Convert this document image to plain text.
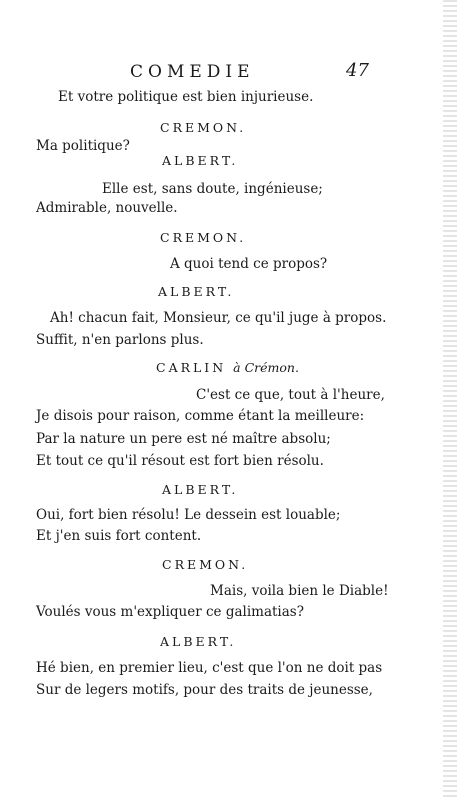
COMEDIE	47
Et votre politique est bien injurieuse.
CREMON.
Ma politique?
ALBERT.
Elle est, sans doute, ingénieuse;
Admirable, nouvelle.
CREMON.
A quoi tend ce propos?
ALBERT.
Ah! chacun fait, Monsieur, ce qu'il juge à propos.
Suffit, n'en parlons plus.
CARLIN à Crémon.
C'est ce que, tout à l'heure,
Je disois pour raison, comme étant la meilleure:
Par la nature un pere est né maître absolu;
Et tout ce qu'il résout est fort bien résolu.
ALBERT.
Oui, fort bien résolu! Le dessein est louable;
Et j'en suis fort content.
CREMON.
Mais, voila bien le Diable!
Voulés vous m'expliquer ce galimatias?
ALBERT.
Hé bien, en premier lieu, c'est que l'on ne doit pas
Sur de legers motifs, pour des traits de jeunesse,
